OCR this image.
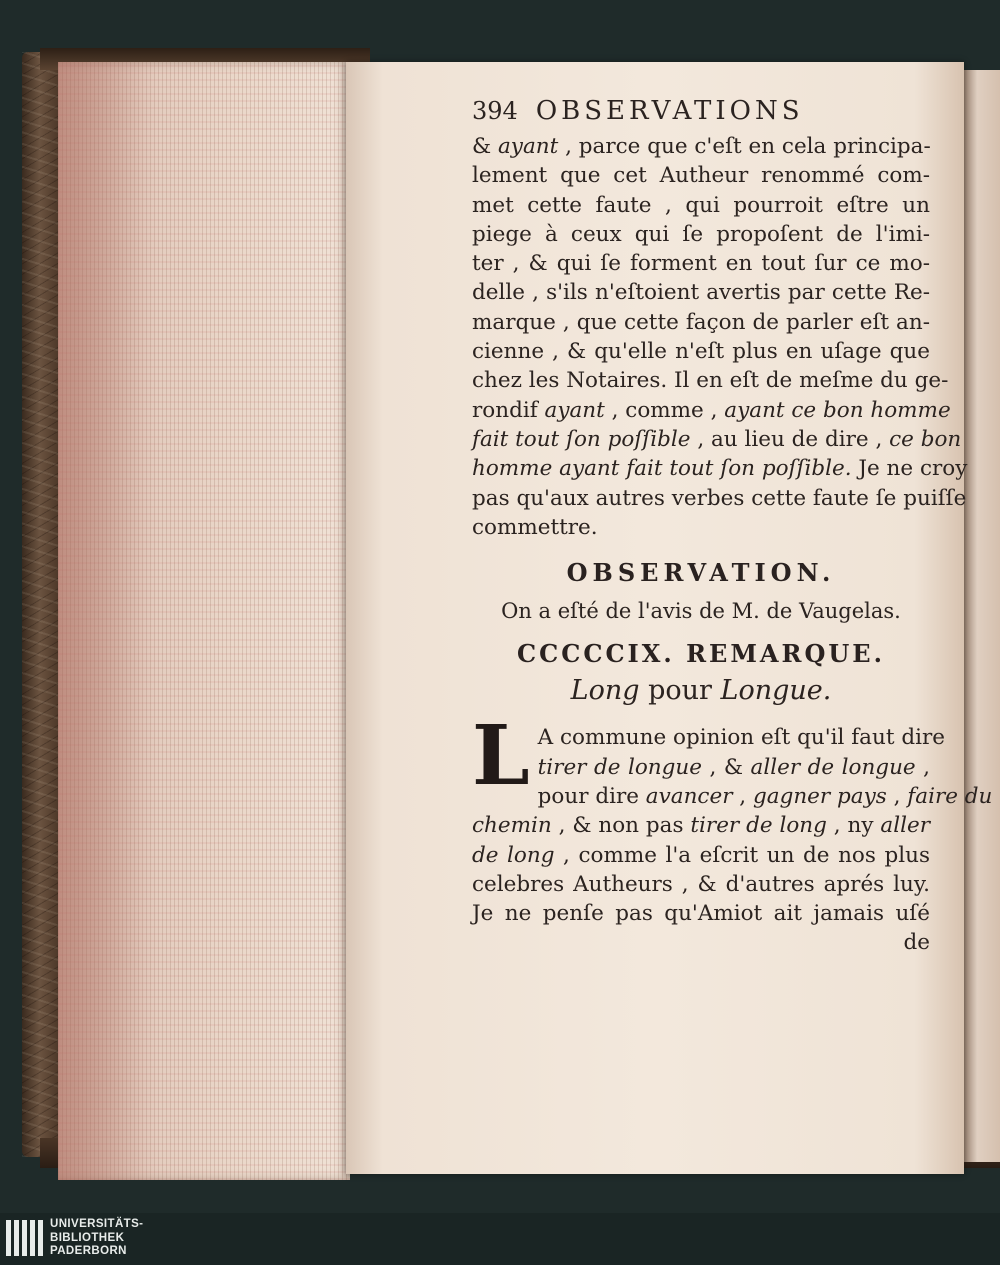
394 OBSERVATIONS
& ayant , parce que c'eſt en cela principa-
lement que cet Autheur renommé com-
met cette faute , qui pourroit eſtre un
piege à ceux qui ſe propoſent de l'imi-
ter , & qui ſe forment en tout ſur ce mo-
delle , s'ils n'eſtoient avertis par cette Re-
marque , que cette façon de parler eſt an-
cienne , & qu'elle n'eſt plus en uſage que
chez les Notaires. Il en eſt de meſme du ge-
rondif ayant , comme , ayant ce bon homme
fait tout ſon poſſible , au lieu de dire , ce bon
homme ayant fait tout ſon poſſible. Je ne croy
pas qu'aux autres verbes cette faute ſe puiſſe
commettre.
OBSERVATION.
On a eſté de l'avis de M. de Vaugelas.
CCCCCIX. REMARQUE.
Long pour Longue.
L A commune opinion eſt qu'il faut dire
tirer de longue , & aller de longue ,
pour dire avancer , gagner pays , faire du
chemin , & non pas tirer de long , ny aller
de long , comme l'a eſcrit un de nos plus
celebres Autheurs , & d'autres aprés luy.
Je ne penſe pas qu'Amiot ait jamais uſé
de
UNIVERSITÄTS-
BIBLIOTHEK
PADERBORN
